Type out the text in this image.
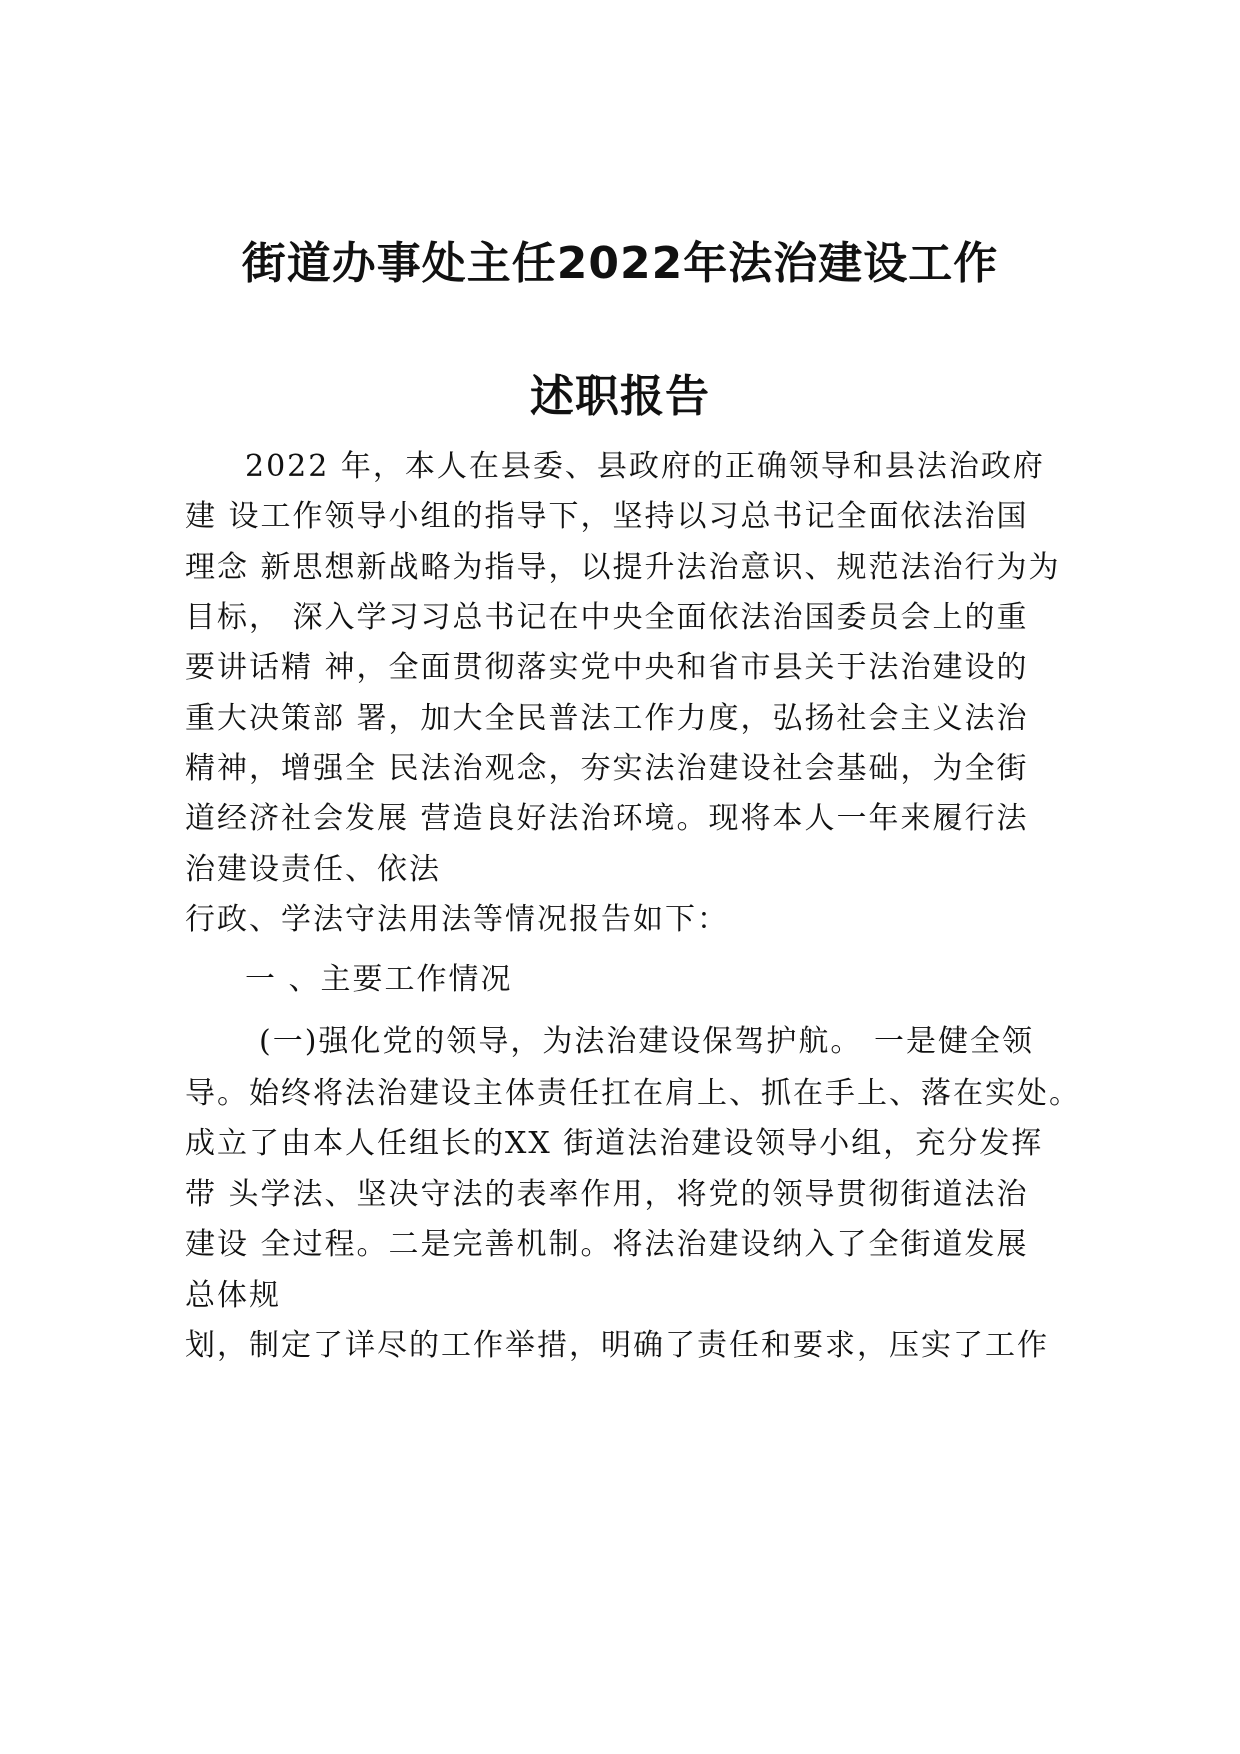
街道办事处主任2022年法治建设工作
述职报告
2022 年，本人在县委、县政府的正确领导和县法治政府
建 设工作领导小组的指导下，坚持以习总书记全面依法治国
理念 新思想新战略为指导，以提升法治意识、规范法治行为为
目标， 深入学习习总书记在中央全面依法治国委员会上的重
要讲话精 神，全面贯彻落实党中央和省市县关于法治建设的
重大决策部 署，加大全民普法工作力度，弘扬社会主义法治
精神，增强全 民法治观念，夯实法治建设社会基础，为全街
道经济社会发展 营造良好法治环境。现将本人一年来履行法
治建设责任、依法
行政、学法守法用法等情况报告如下：
一 、主要工作情况
(一)强化党的领导，为法治建设保驾护航。 一是健全领
导。始终将法治建设主体责任扛在肩上、抓在手上、落在实处。
成立了由本人任组长的XX 街道法治建设领导小组，充分发挥
带 头学法、坚决守法的表率作用，将党的领导贯彻街道法治
建设 全过程。二是完善机制。将法治建设纳入了全街道发展
总体规
划，制定了详尽的工作举措，明确了责任和要求，压实了工作
